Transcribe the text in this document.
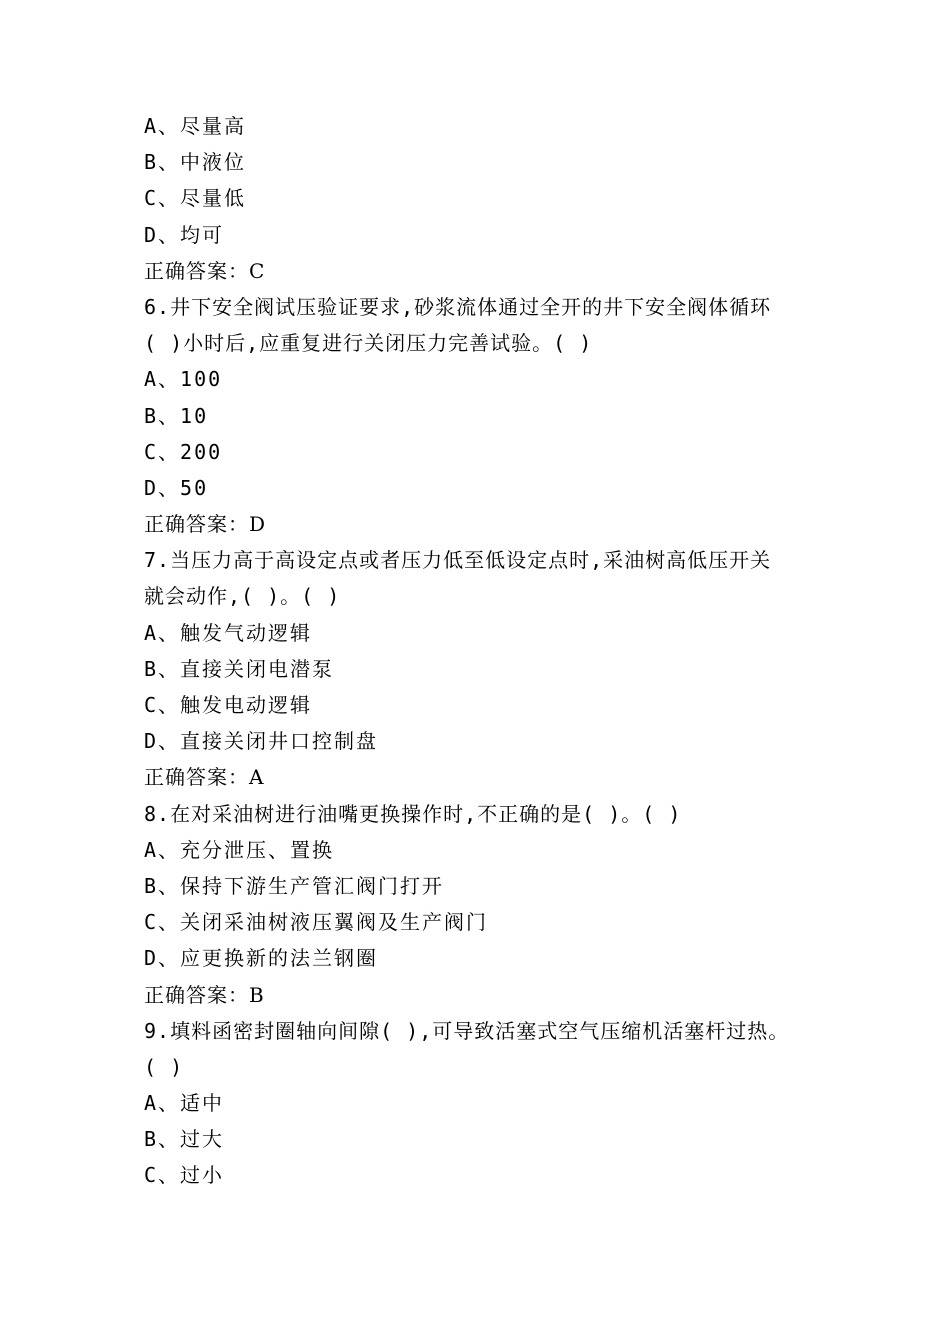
A、尽量高
B、中液位
C、尽量低
D、均可
正确答案：C
6.井下安全阀试压验证要求,砂浆流体通过全开的井下安全阀体循环
( )小时后,应重复进行关闭压力完善试验。( )
A、100
B、10
C、200
D、50
正确答案：D
7.当压力高于高设定点或者压力低至低设定点时,采油树高低压开关
就会动作,( )。( )
A、触发气动逻辑
B、直接关闭电潜泵
C、触发电动逻辑
D、直接关闭井口控制盘
正确答案：A
8.在对采油树进行油嘴更换操作时,不正确的是( )。( )
A、充分泄压、置换
B、保持下游生产管汇阀门打开
C、关闭采油树液压翼阀及生产阀门
D、应更换新的法兰钢圈
正确答案：B
9.填料函密封圈轴向间隙( ),可导致活塞式空气压缩机活塞杆过热。
( )
A、适中
B、过大
C、过小
